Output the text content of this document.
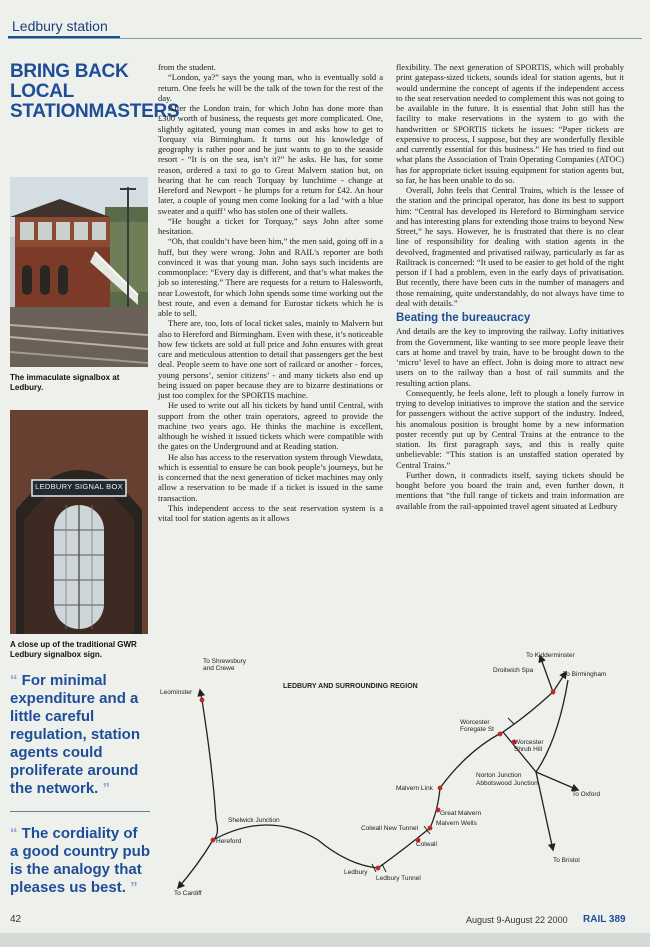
Ledbury station
BRING BACK LOCAL STATIONMASTERS
The immaculate signalbox at Ledbury.
LEDBURY SIGNAL BOX
A close up of the traditional GWR Ledbury signalbox sign.
“ For minimal expenditure and a little careful regulation, station agents could proliferate around the network. ”
“ The cordiality of a good country pub is the analogy that pleases us best. ”

from the student.

“London, ya?” says the young man, who is eventually sold a return. One feels he will be the talk of the town for the rest of the day.

After the London train, for which John has done more than £300 worth of business, the requests get more complicated. One, slightly agitated, young man comes in and asks how to get to Torquay via Birmingham. It turns out his knowledge of geography is rather poor and he just wants to go to the seaside resort - “It is on the sea, isn’t it?” he asks. He has, for some reason, ordered a taxi to go to Great Malvern station but, on hearing that he can reach Torquay by lunchtime - change at Hereford and Newport - he plumps for a return for £42. An hour later, a couple of young men come looking for a lad ‘with a blue sweater and a quiff’ who has stolen one of their wallets.

“He bought a ticket for Torquay,” says John after some hesitation.

“Oh, that couldn’t have been him,” the men said, going off in a huff, but they were wrong. John and RAIL’s reporter are both convinced it was that young man. John says such incidents are commonplace: “Every day is different, and that’s what makes the job so interesting.” There are requests for a return to Halesworth, near Lowestoft, for which John spends some time working out the best route, and even a demand for Eurostar tickets which he is able to sell.

There are, too, lots of local ticket sales, mainly to Malvern but also to Hereford and Birmingham. Even with these, it’s noticeable how few tickets are sold at full price and John ensures with great care and meticulous attention to detail that passengers get the best deal. People seem to have one sort of railcard or another - forces, young persons’, senior citizens’ - and many tickets also end up being issued on paper because they are to bizarre destinations or just too complex for the SPORTIS machine.

He used to write out all his tickets by hand until Central, with support from the other train operators, agreed to provide the machine two years ago. He thinks the machine is excellent, although he wished it issued tickets which were compatible with the gates on the Underground and at Reading station.

He also has access to the reservation system through Viewdata, which is essential to ensure he can book people’s journeys, but he is concerned that the next generation of ticket machines may only allow a reservation to be made if a ticket is issued in the same transaction.

This independent access to the seat reservation system is a vital tool for station agents as it allows

flexibility. The next generation of SPORTIS, which will probably print gatepass-sized tickets, sounds ideal for station agents, but it would undermine the concept of agents if the independent access to the seat reservation needed to complement this was not going to be available in the future. It is essential that John still has the facility to make reservations in the system to go with the handwritten or SPORTIS tickets he issues: “Paper tickets are expensive to process, I suppose, but they are wonderfully flexible and currently essential for this business.” He has tried to find out what plans the Association of Train Operating Companies (ATOC) has for appropriate ticket issuing equipment for station agents but, so far, he has been unable to do so.

Overall, John feels that Central Trains, which is the lessee of the station and the principal operator, has done its best to support him: “Central has developed its Hereford to Birmingham service and has interesting plans for extending those trains to beyond New Street,” he says. However, he is frustrated that there is no clear line of responsibility for dealing with station agents in the devolved, fragmented and privatised railway, particularly as far as Railtrack is concerned: “It used to be easier to get hold of the right person if I had a problem, even in the early days of privatisation. But recently, there have been cuts in the number of managers and those remaining, quite understandably, do not always have time to deal with details.”

Beating the bureaucracy

And details are the key to improving the railway. Lofty initiatives from the Government, like wanting to see more people leave their cars at home and travel by train, have to be brought down to the ‘micro’ level to have an effect. John is doing more to attract new users on to the railway than a host of rail summits and the resulting action plans.

Consequently, he feels alone, left to plough a lonely furrow in trying to develop initiatives to improve the station and the service for passengers without the active support of the industry. Indeed, his anomalous position is brought home by a new information poster recently put up by Central Trains at the entrance to the station. Its first paragraph says, and this is really quite unbelievable: “This station is an unstaffed station operated by Central Trains.”

Further down, it contradicts itself, saying tickets should be bought before you board the train and, even further down, it mentions that “the full range of tickets and train information are available from the rail-appointed travel agent situated at Ledbury

LEDBURY AND SURROUNDING REGION
To Shrewsbury
and Crewe
Leominster
To Kidderminster
Droitwich Spa
To Birmingham
Worcester
Foregate St
Worcester
Shrub Hill
Norton Junction
Abbotswood Junction
Malvern Link
To Oxford
Shelwick Junction
Great Malvern
Malvern Wells
Colwall New Tunnel
Colwall
Hereford
To Bristol
Ledbury
Ledbury Tunnel
To Cardiff
42	August 9-August 22 2000 RAIL 389
